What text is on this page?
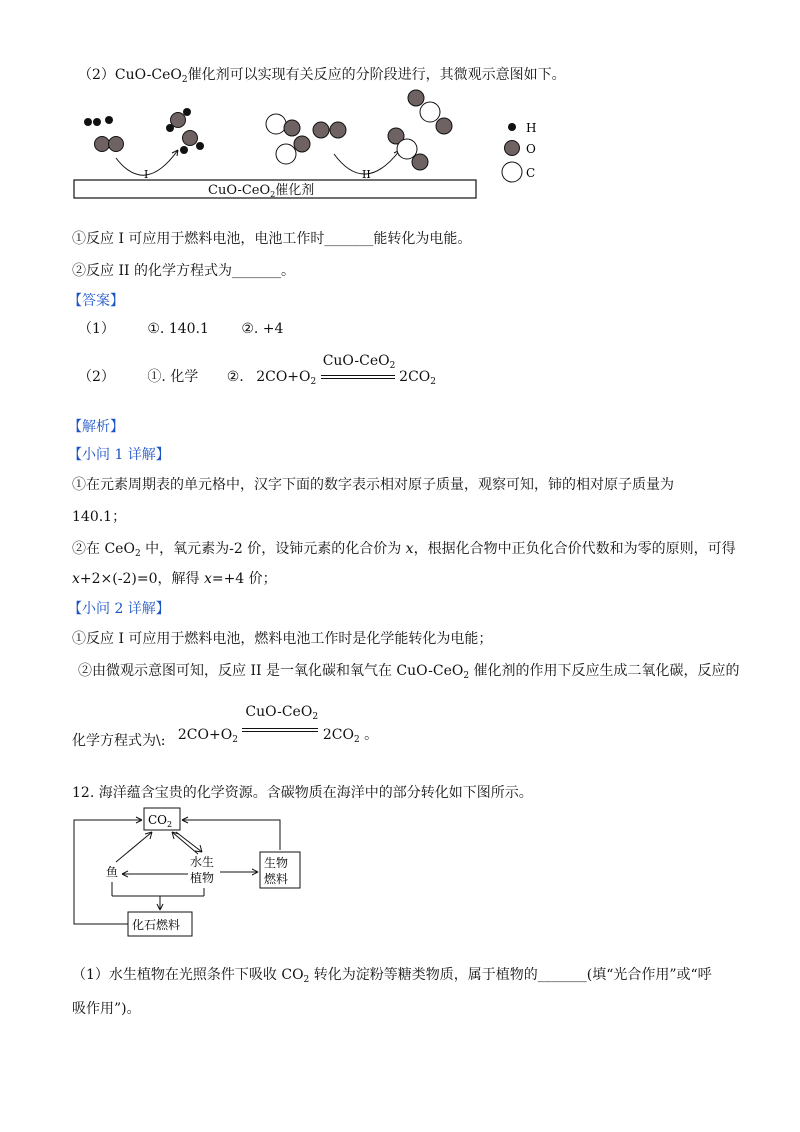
（2）CuO-CeO$_2$催化剂可以实现有关反应的分阶段进行，其微观示意图如下。
CuO-CeO$_2$催化剂
I	II
H
O
C
①反应 I 可应用于燃料电池，电池工作时_______能转化为电能。
②反应 II 的化学方程式为_______。
【答案】
（1） ①. 140.1 ②. +4
（2） ①. 化学 ②. $2CO+O_2$
CuO-CeO$_2$
$2CO_2$
【解析】
【小问 1 详解】
①在元素周期表的单元格中，汉字下面的数字表示相对原子质量，观察可知，铈的相对原子质量为
140.1；
②在 CeO$_2$ 中，氧元素为-2 价，设铈元素的化合价为 x，根据化合物中正负化合价代数和为零的原则，可得
x+2×(-2)=0，解得 x=+4 价；
【小问 2 详解】
①反应 I 可应用于燃料电池，燃料电池工作时是化学能转化为电能；
②由微观示意图可知，反应 II 是一氧化碳和氧气在 CuO-CeO$_2$ 催化剂的作用下反应生成二氧化碳，反应的
化学方程式为\: $2CO+O_2$
CuO-CeO$_2$
$2CO_2$ 。
12. 海洋蕴含宝贵的化学资源。含碳物质在海洋中的部分转化如下图所示。
$CO_2$
生物
燃料
化石燃料
鱼
水生
植物
（1）水生植物在光照条件下吸收 $CO_2$ 转化为淀粉等糖类物质，属于植物的_______(填“光合作用”或“呼
吸作用”)。
